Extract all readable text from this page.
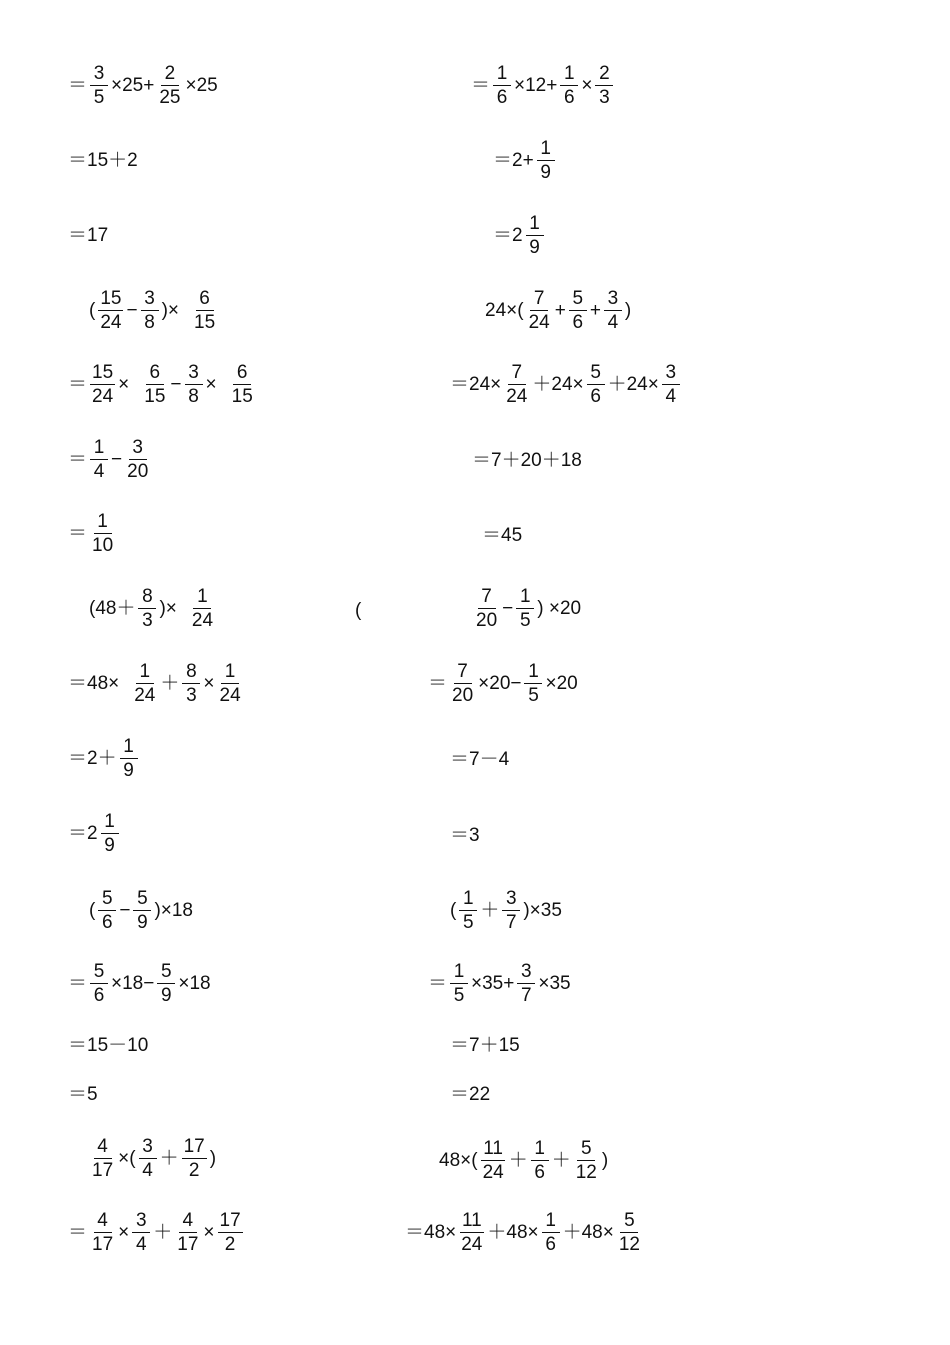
＝ $\frac{3}{5} \times 25+ \frac{2}{25} \times 25$
＝15＋2
＝17
( $\frac{15}{24} - \frac{3}{8}$ )× $\frac{6}{15}$
＝ $\frac{15}{24} \times \frac{6}{15} - \frac{3}{8} \times \frac{6}{15}$
＝ $\frac{1}{4} - \frac{3}{20}$
＝ $\frac{1}{10}$
($48+ \frac{8}{3}$ )× $\frac{1}{24}$
$=48\times \frac{1}{24} + \frac{8}{3} \times \frac{1}{24}$
$=2+ \frac{1}{9}$
$=2 \frac{1}{9}$
( $\frac{5}{6} - \frac{5}{9} )\times 18$
＝ $\frac{5}{6} \times 18- \frac{5}{9} \times 18$
＝15－10
＝5
$\frac{4}{17}$ ×( $\frac{3}{4} + \frac{17}{2}$ )
＝ $\frac{4}{17} \times \frac{3}{4} + \frac{4}{17} \times \frac{17}{2}$
＝ $\frac{1}{6} \times 12+ \frac{1}{6} \times \frac{2}{3}$
$=2+ \frac{1}{9}$
$=2 \frac{1}{9}$
$24\times( \frac{7}{24} + \frac{5}{6} + \frac{3}{4}$ )
$=24\times \frac{7}{24} +24\times \frac{5}{6} +24\times \frac{3}{4}$
＝7＋20＋18
＝45
(	$\frac{7}{20} - \frac{1}{5}$ ) ×20
＝ $\frac{7}{20} \times 20- \frac{1}{5} \times 20$
＝7－4
＝3
( $\frac{1}{5} + \frac{3}{7} )\times 35$
＝ $\frac{1}{5} \times 35+ \frac{3}{7} \times 35$
＝7＋15
＝22
$48\times( \frac{11}{24} + \frac{1}{6} + \frac{5}{12}$ )
$=48\times \frac{11}{24} +48\times \frac{1}{6} +48\times \frac{5}{12}$
